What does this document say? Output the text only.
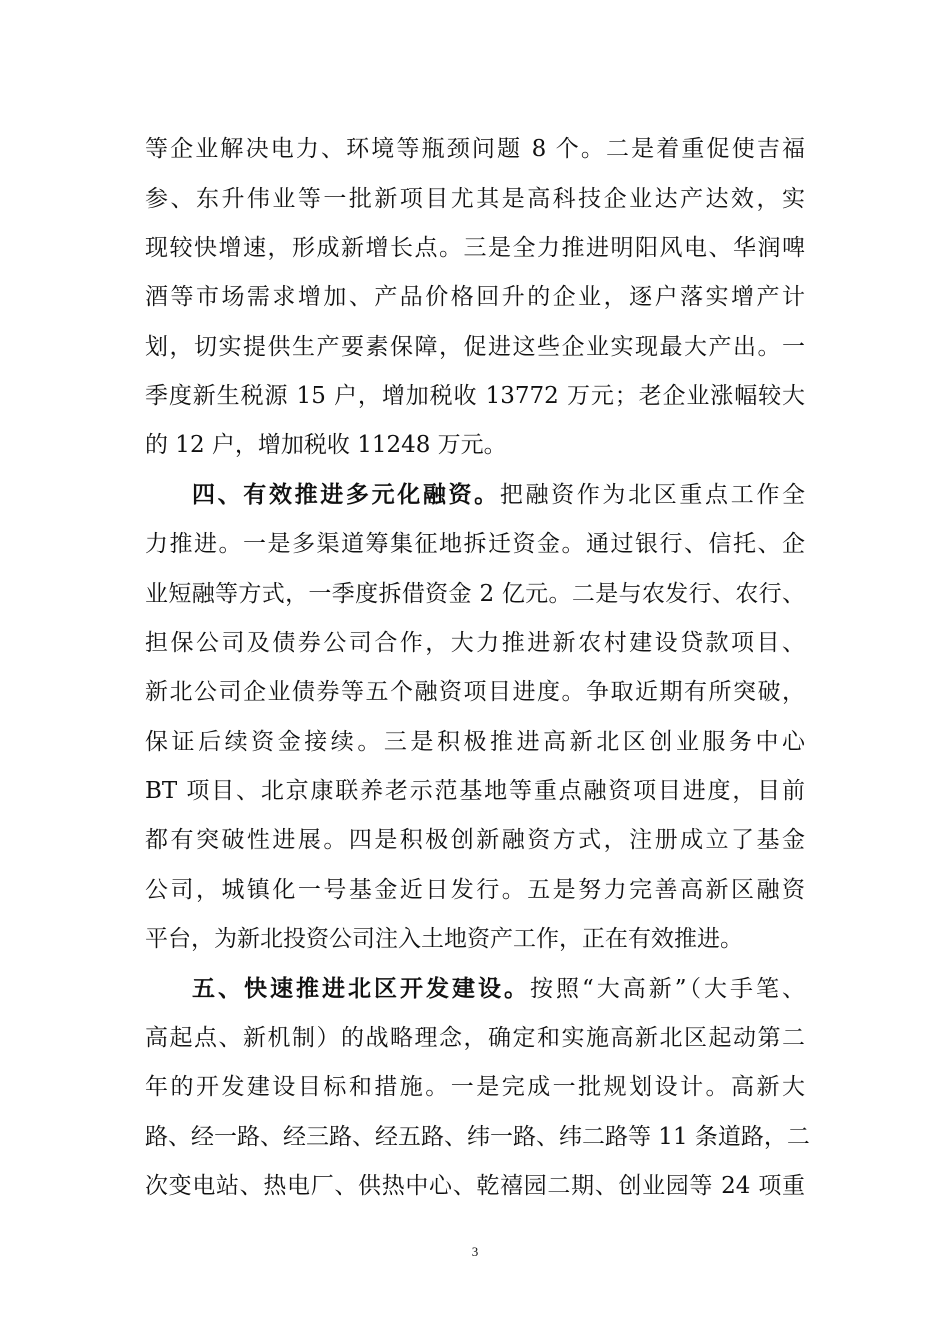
等企业解决电力、环境等瓶颈问题 8 个。二是着重促使吉福
参、东升伟业等一批新项目尤其是高科技企业达产达效，实
现较快增速，形成新增长点。三是全力推进明阳风电、华润啤
酒等市场需求增加、产品价格回升的企业，逐户落实增产计
划，切实提供生产要素保障，促进这些企业实现最大产出。一
季度新生税源 15 户，增加税收 13772 万元；老企业涨幅较大
的 12 户，增加税收 11248 万元。
四、有效推进多元化融资。把融资作为北区重点工作全
力推进。一是多渠道筹集征地拆迁资金。通过银行、信托、企
业短融等方式，一季度拆借资金 2 亿元。二是与农发行、农行、
担保公司及债券公司合作，大力推进新农村建设贷款项目、
新北公司企业债券等五个融资项目进度。争取近期有所突破，
保证后续资金接续。三是积极推进高新北区创业服务中心
BT 项目、北京康联养老示范基地等重点融资项目进度，目前
都有突破性进展。四是积极创新融资方式，注册成立了基金
公司，城镇化一号基金近日发行。五是努力完善高新区融资
平台，为新北投资公司注入土地资产工作，正在有效推进。
五、快速推进北区开发建设。按照“大高新”（大手笔、
高起点、新机制）的战略理念，确定和实施高新北区起动第二
年的开发建设目标和措施。一是完成一批规划设计。高新大
路、经一路、经三路、经五路、纬一路、纬二路等 11 条道路，二
次变电站、热电厂、供热中心、乾禧园二期、创业园等 24 项重
3
